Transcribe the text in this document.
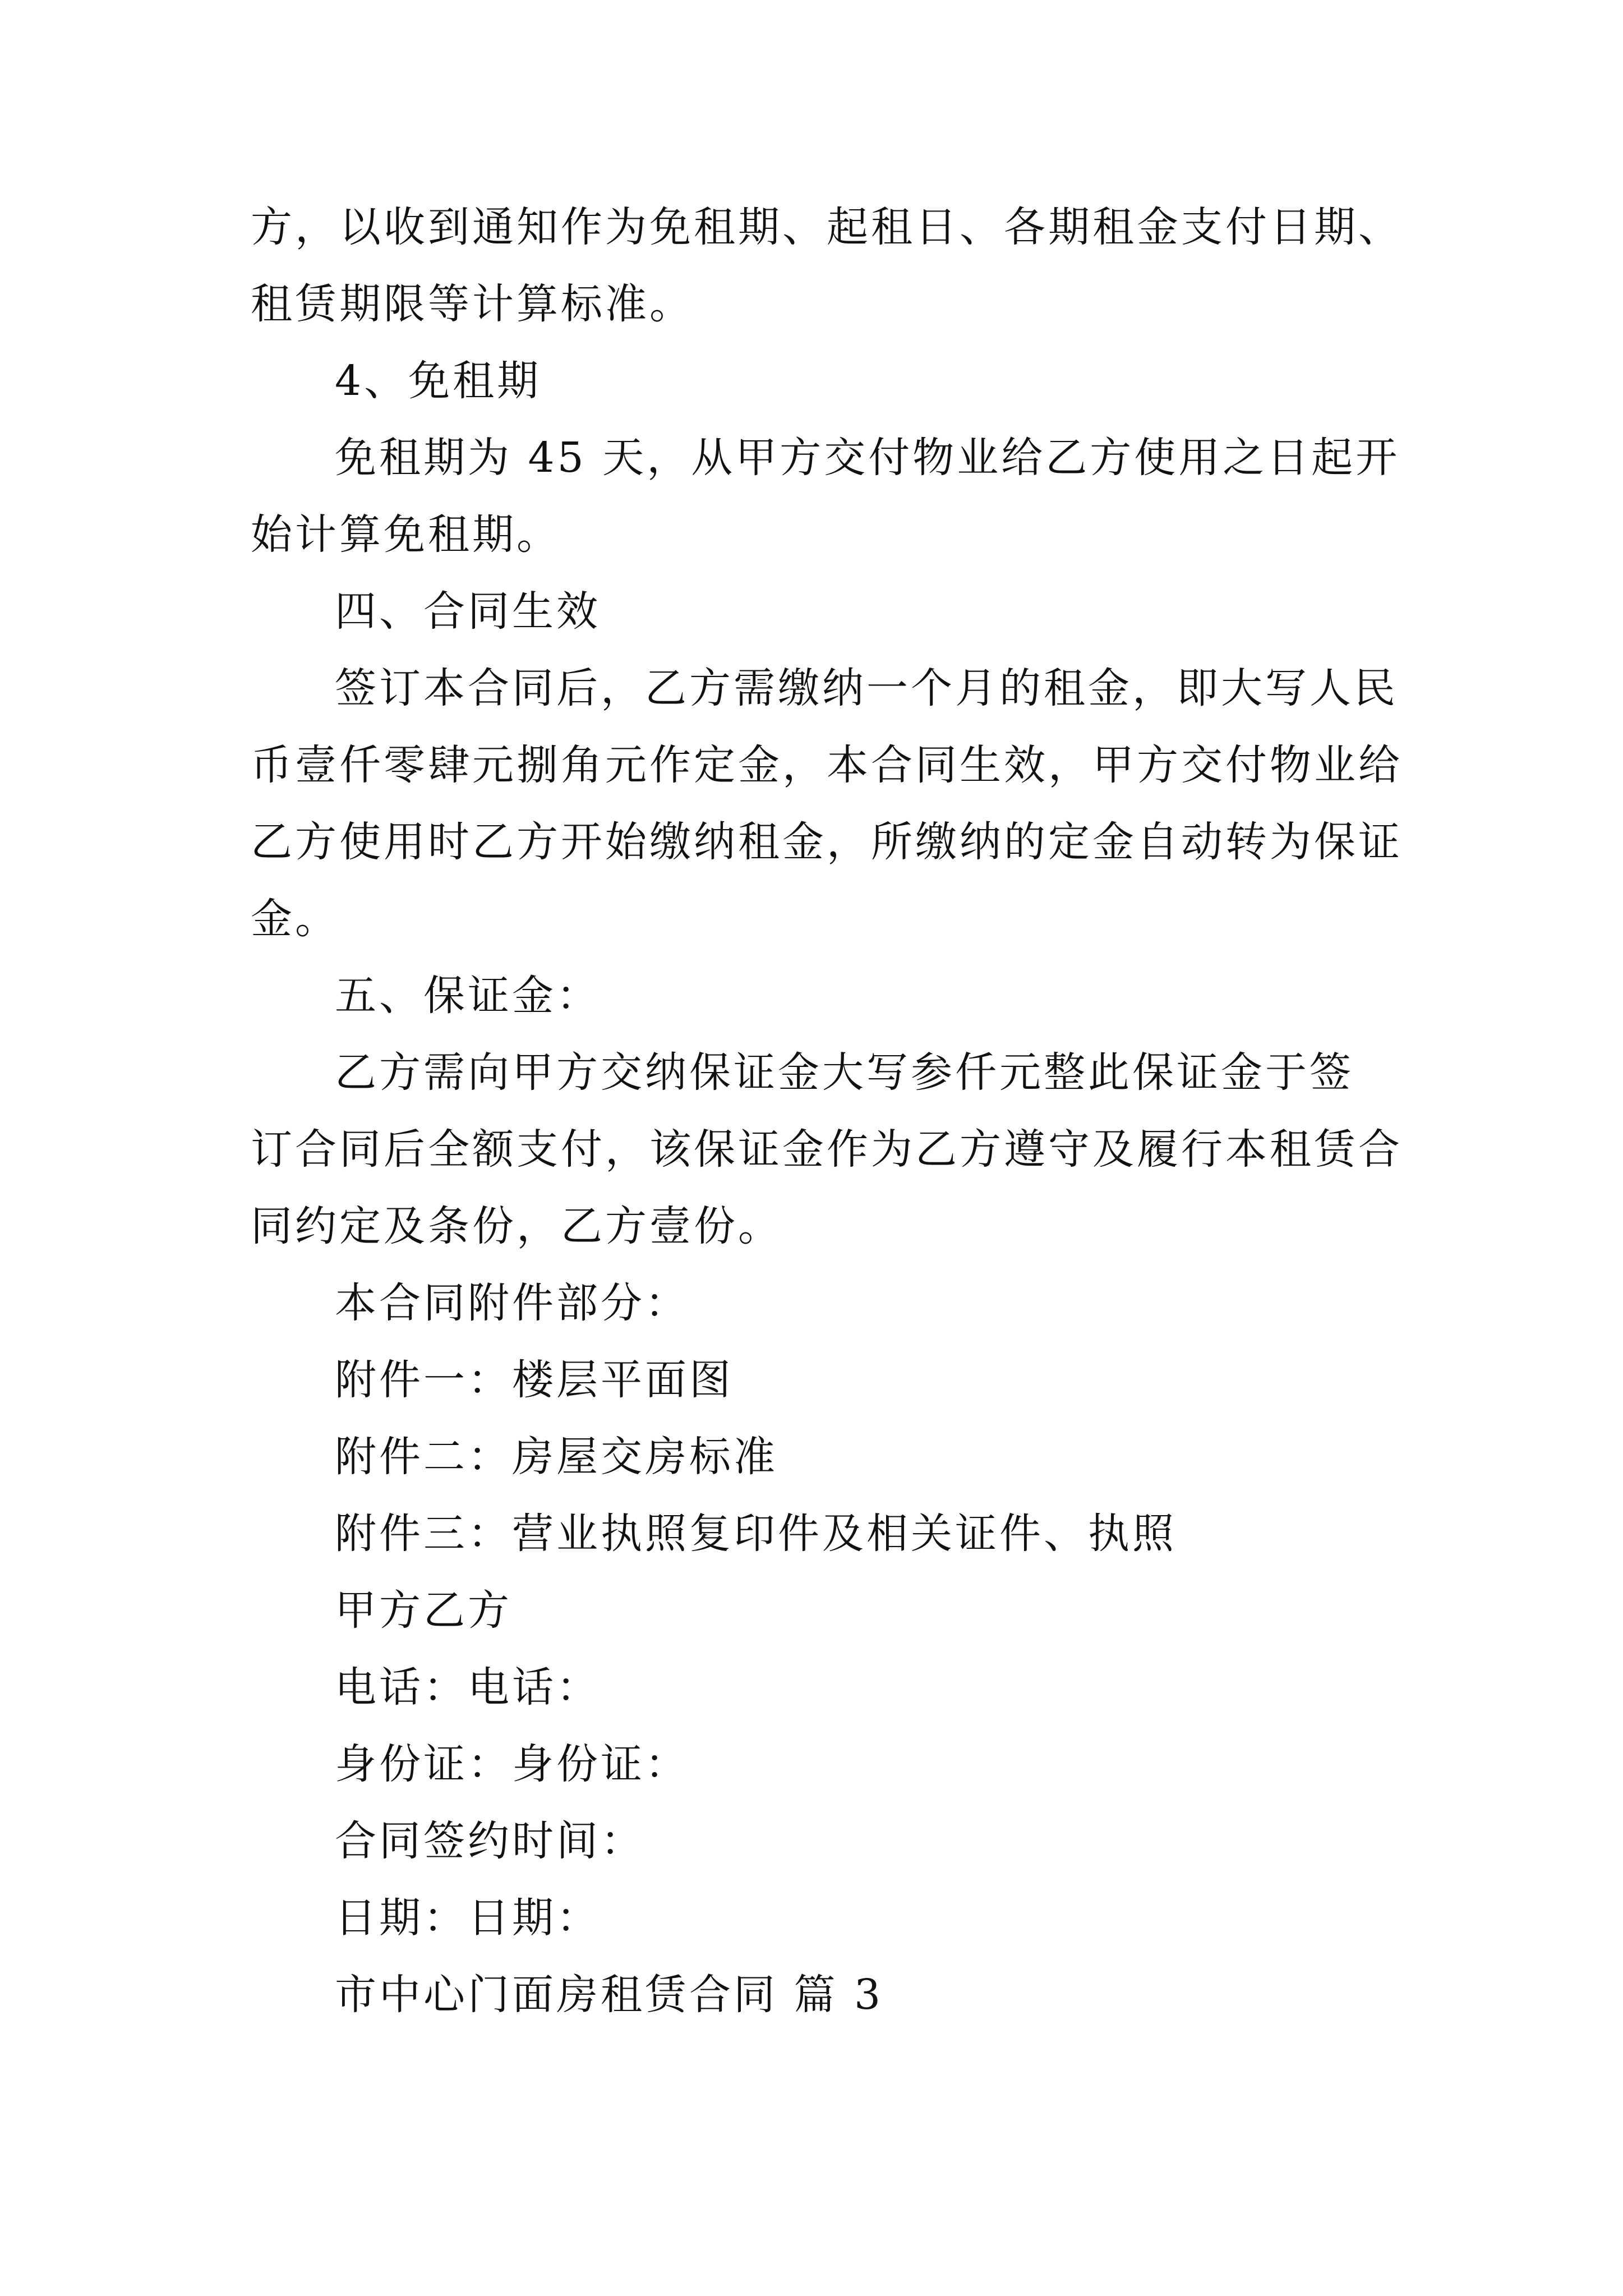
方，以收到通知作为免租期、起租日、各期租金支付日期、
租赁期限等计算标准。
4、免租期
免租期为 45 天，从甲方交付物业给乙方使用之日起开
始计算免租期。
四、合同生效
签订本合同后，乙方需缴纳一个月的租金，即大写人民
币壹仟零肆元捌角元作定金，本合同生效，甲方交付物业给
乙方使用时乙方开始缴纳租金，所缴纳的定金自动转为保证
金。
五、保证金：
乙方需向甲方交纳保证金大写参仟元整此保证金于签
订合同后全额支付，该保证金作为乙方遵守及履行本租赁合
同约定及条份，乙方壹份。
本合同附件部分：
附件一：楼层平面图
附件二：房屋交房标准
附件三：营业执照复印件及相关证件、执照
甲方乙方
电话：电话：
身份证：身份证：
合同签约时间：
日期：日期：
市中心门面房租赁合同 篇 3
